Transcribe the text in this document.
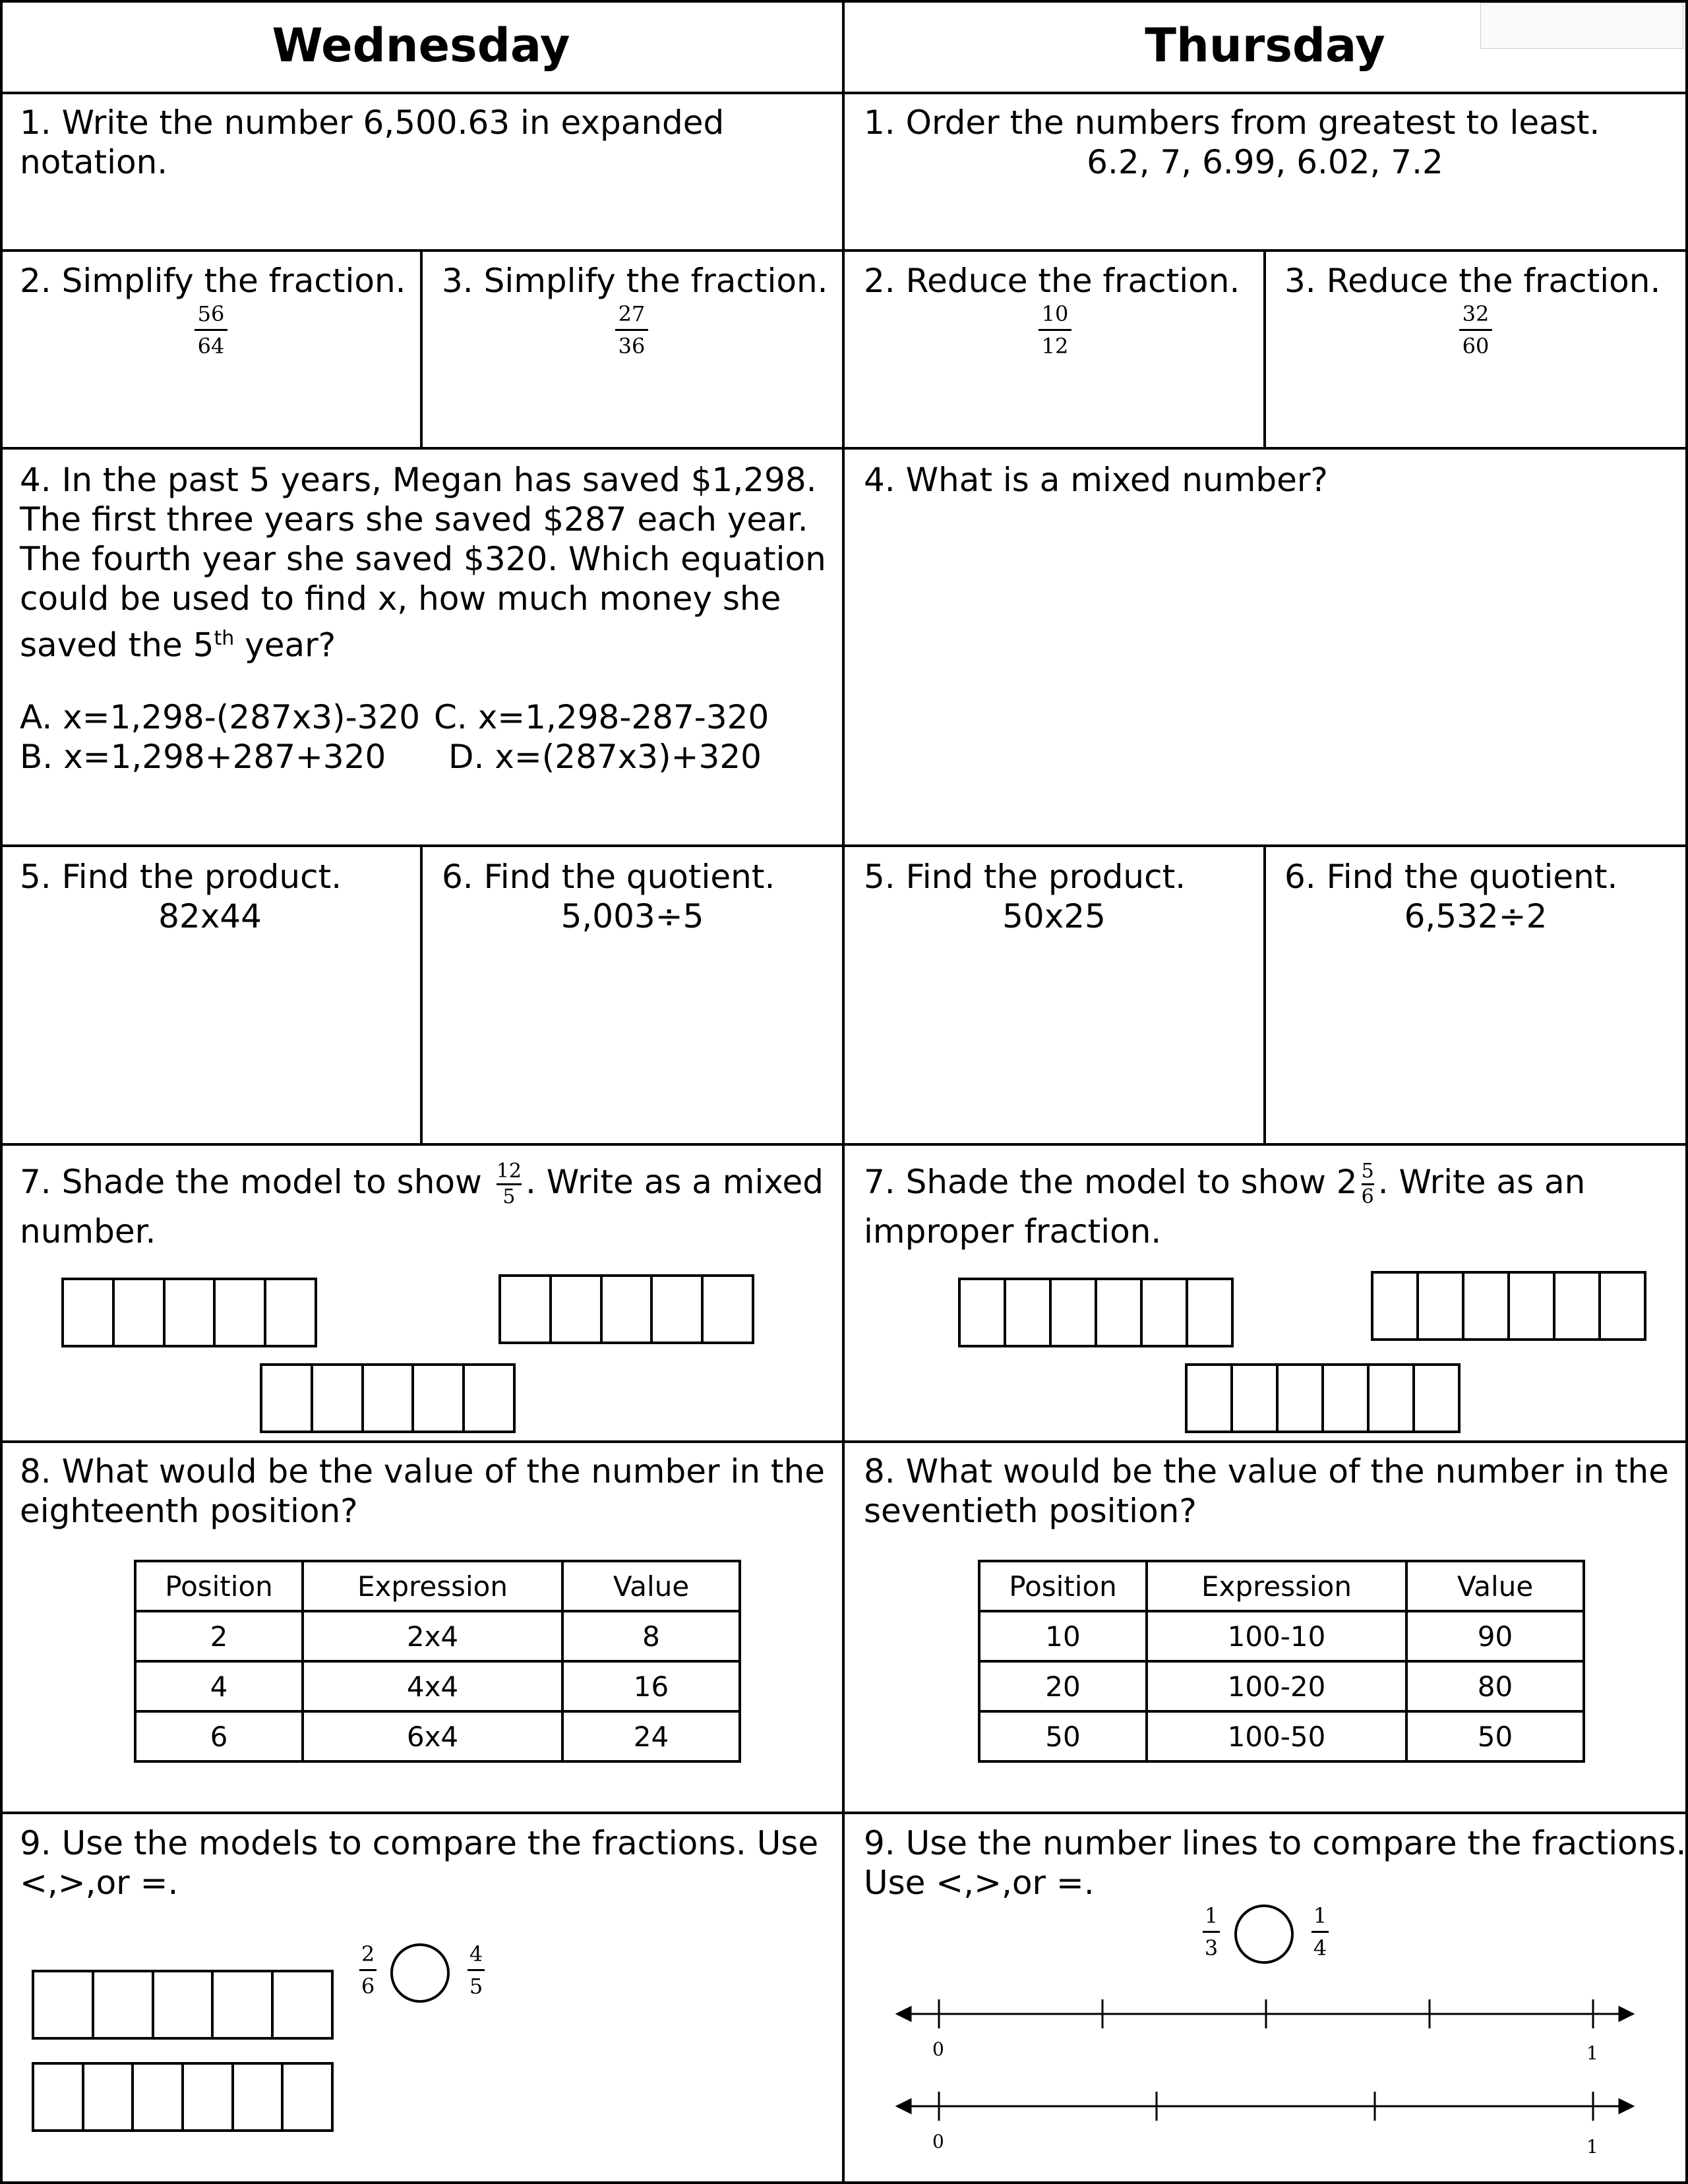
Wednesday	Thursday
1. Write the number 6,500.63 in expanded
notation.
1. Order the numbers from greatest to least.
6.2, 7, 6.99, 6.02, 7.2
2. Simplify the fraction.
56
64
3. Simplify the fraction.
27
36
2. Reduce the fraction.
10
12
3. Reduce the fraction.
32
60
4. In the past 5 years, Megan has saved $1,298.
The first three years she saved $287 each year.
The fourth year she saved $320. Which equation
could be used to find x, how much money she
saved the 5th year?
A. x=1,298-(287x3)-320
B. x=1,298+287+320
C. x=1,298-287-320
D. x=(287x3)+320
4. What is a mixed number?
5. Find the product.
82x44
6. Find the quotient.
5,003÷5
5. Find the product.
50x25
6. Find the quotient.
6,532÷2
7. Shade the model to show $\frac{12}{5}$ . Write as a mixed
number.
7. Shade the model to show $2 \frac{5}{6}$ . Write as an
improper fraction.
8. What would be the value of the number in the
eighteenth position?
Position	Expression	Value
2	2x4	8
4	4x4	16
6	6x4	24
8. What would be the value of the number in the
seventieth position?
Position	Expression	Value
10	100-10	90
20	100-20	80
50	100-50	50
9. Use the models to compare the fractions. Use
<,>,or =.
2
6
4
5
9. Use the number lines to compare the fractions.
Use <,>,or =.
1
3
1
4
0	1
0	1
